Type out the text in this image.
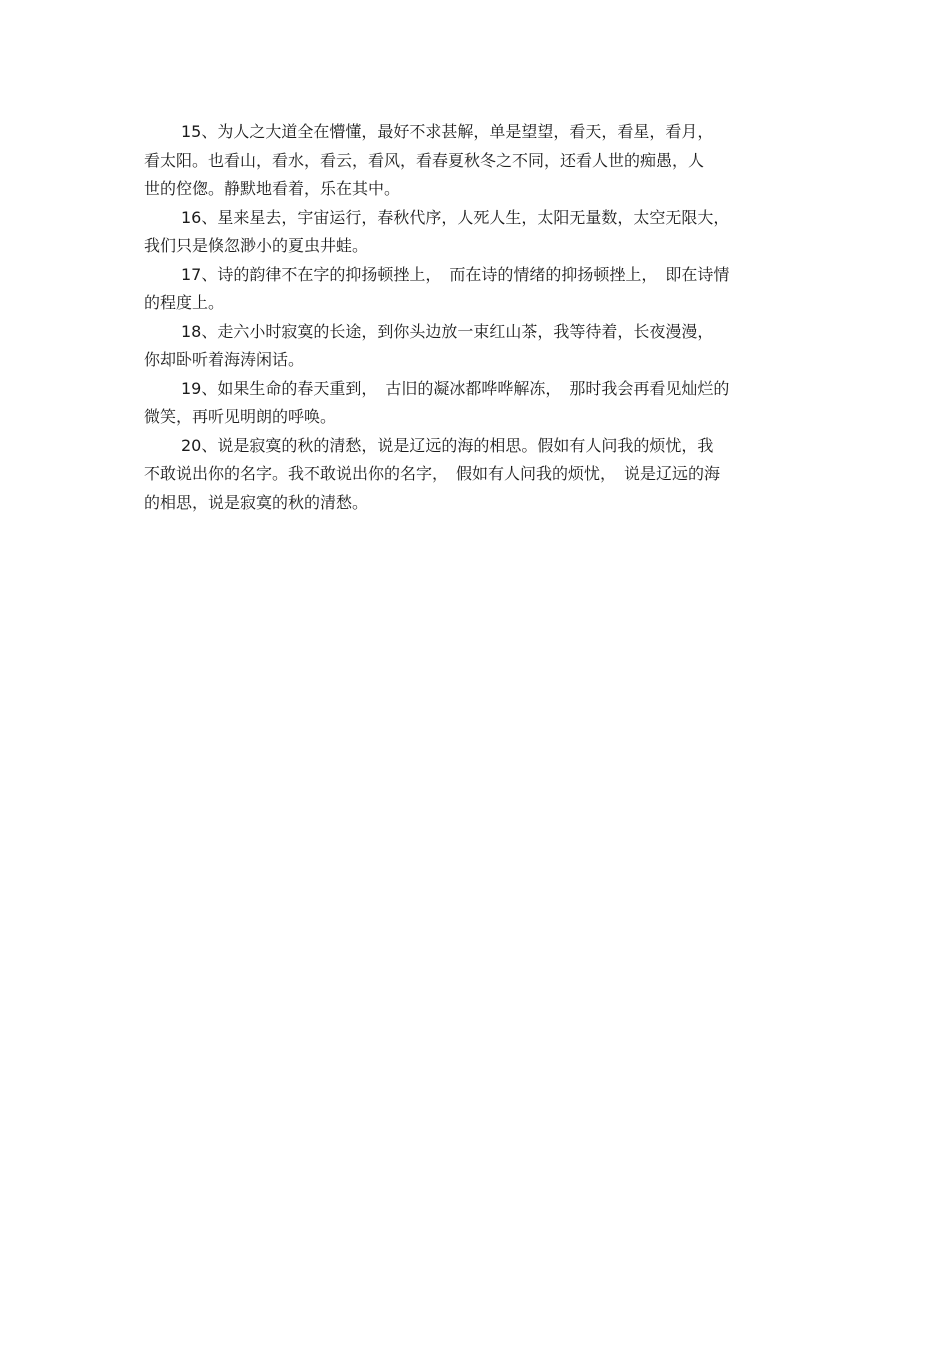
15、为人之大道全在懵懂，最好不求甚解，单是望望，看天，看星，看月，
看太阳。也看山，看水，看云，看风，看春夏秋冬之不同，还看人世的痴愚，人
世的倥偬。静默地看着，乐在其中。

16、星来星去，宇宙运行，春秋代序，人死人生，太阳无量数，太空无限大，
我们只是倏忽渺小的夏虫井蛙。

17、诗的韵律不在字的抑扬顿挫上，　而在诗的情绪的抑扬顿挫上，　即在诗情
的程度上。

18、走六小时寂寞的长途，到你头边放一束红山茶，我等待着，长夜漫漫，
你却卧听着海涛闲话。

19、如果生命的春天重到，　古旧的凝冰都哗哗解冻，　那时我会再看见灿烂的
微笑，再听见明朗的呼唤。

20、说是寂寞的秋的清愁，说是辽远的海的相思。假如有人问我的烦忧，我
不敢说出你的名字。我不敢说出你的名字，　假如有人问我的烦忧，　说是辽远的海
的相思，说是寂寞的秋的清愁。
